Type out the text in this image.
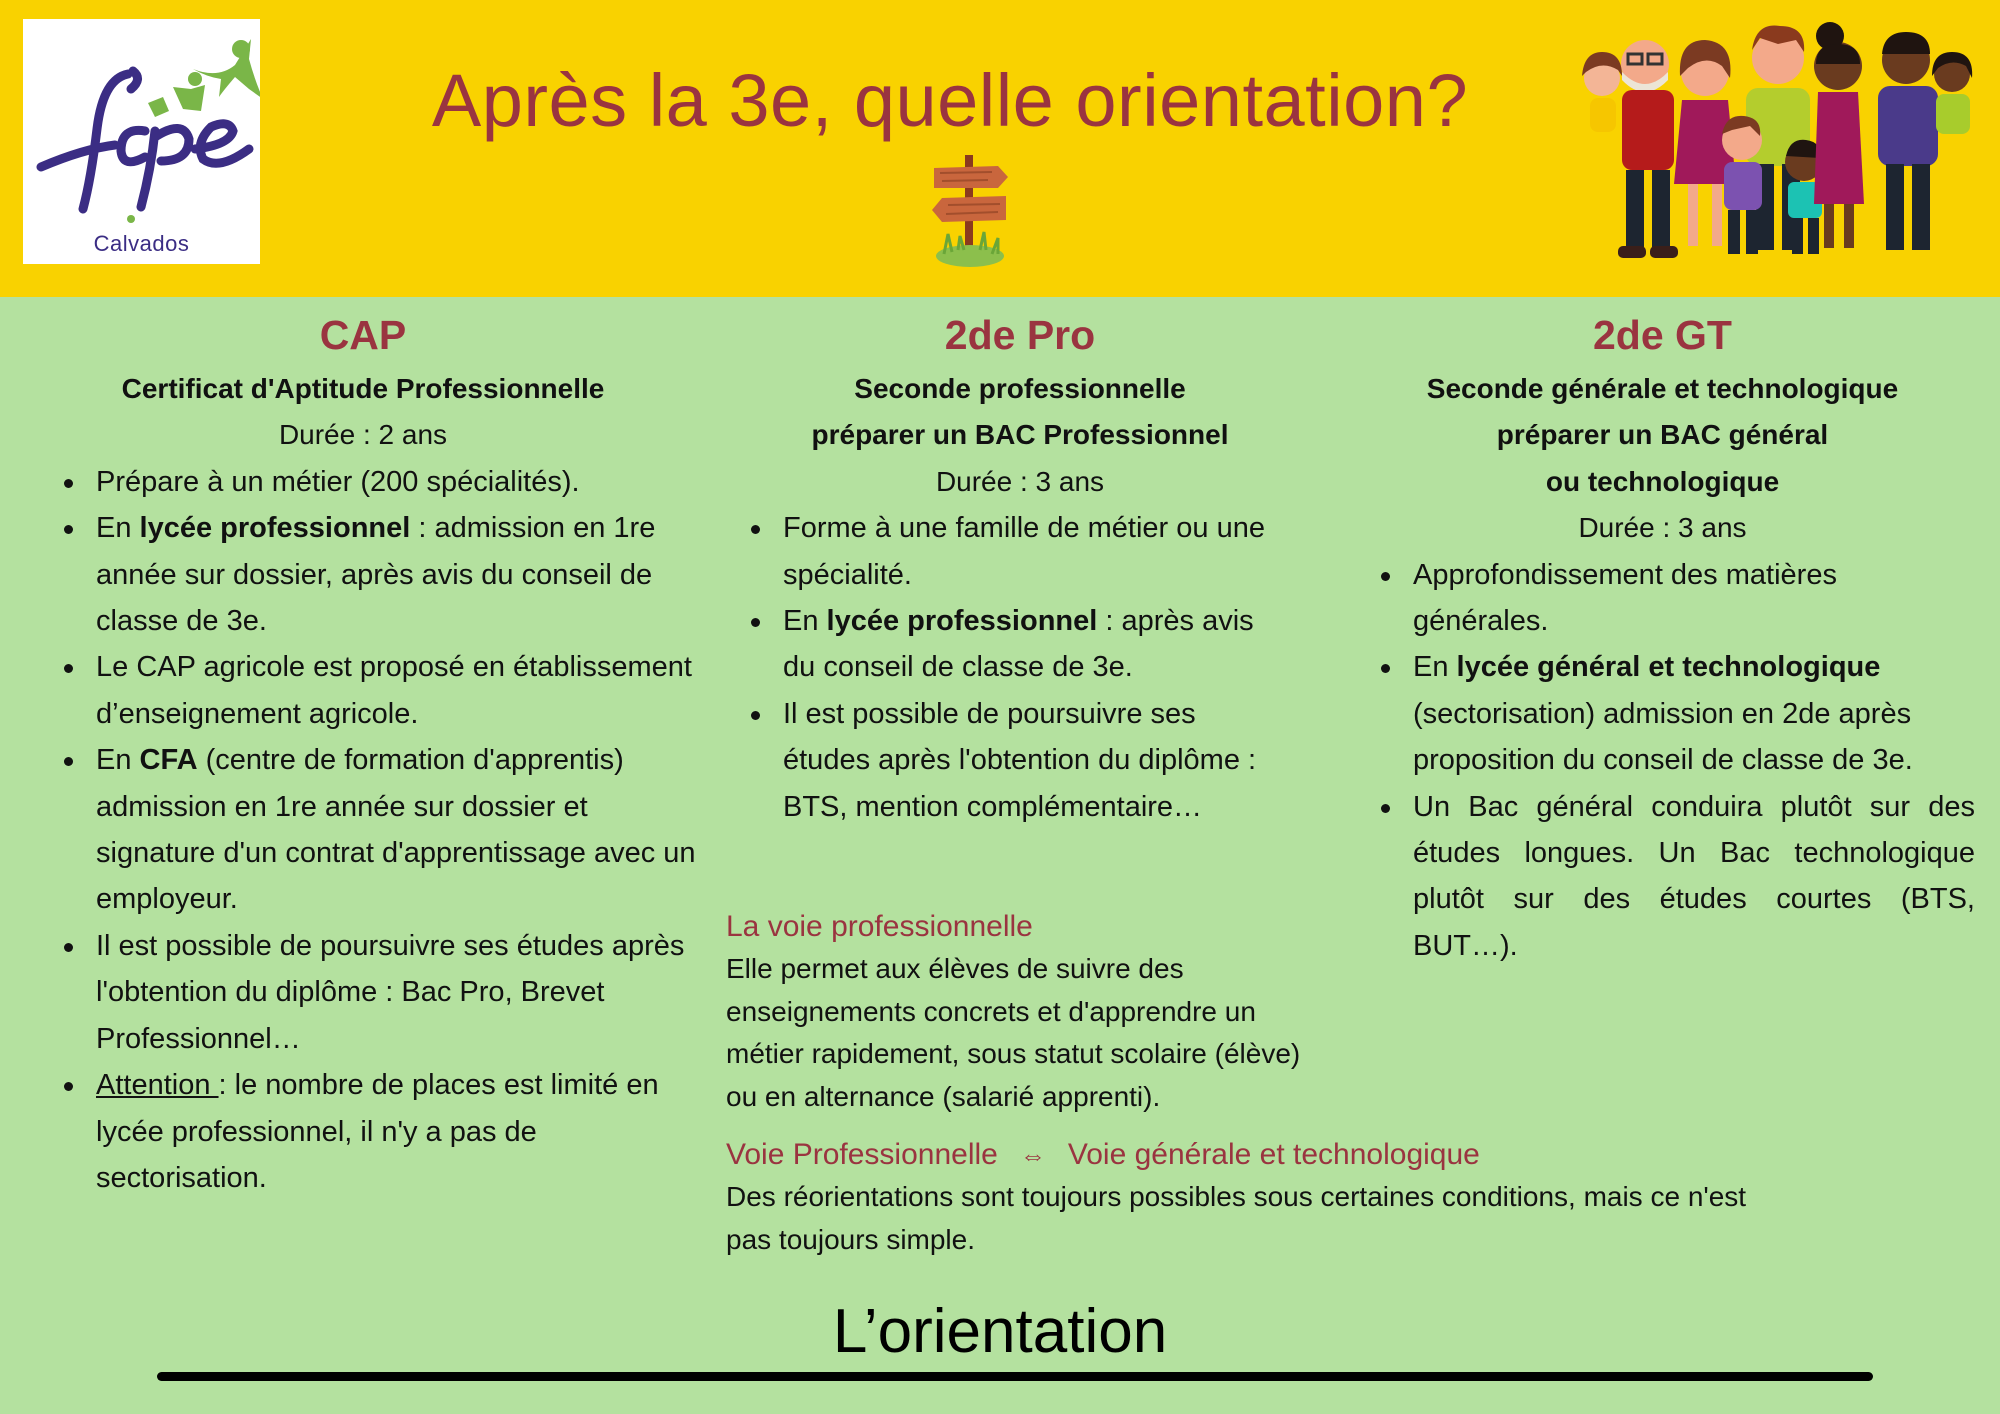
Calvados
Après la 3e, quelle orientation?
CAP
Certificat d'Aptitude Professionnelle
Durée : 2 ans
Prépare à un métier (200 spécialités).
En lycée professionnel : admission en 1re année sur dossier, après avis du conseil de classe de 3e.
Le CAP agricole est proposé en établissement d’enseignement agricole.
En CFA (centre de formation d'apprentis) admission en 1re année sur dossier et signature d'un contrat d'apprentissage avec un employeur.
Il est possible de poursuivre ses études après l'obtention du diplôme : Bac Pro, Brevet Professionnel…
Attention : le nombre de places est limité en lycée professionnel, il n'y a pas de sectorisation.
2de Pro
Seconde professionnelle
préparer un BAC Professionnel
Durée : 3 ans
Forme à une famille de métier ou une spécialité.
En lycée professionnel : après avis du conseil de classe de 3e.
Il est possible de poursuivre ses études après l'obtention du diplôme : BTS, mention complémentaire…
2de GT
Seconde générale et technologique
préparer un BAC général
ou technologique
Durée : 3 ans
Approfondissement des matières générales.
En lycée général et technologique (sectorisation) admission en 2de après proposition du conseil de classe de 3e.
Un Bac général conduira plutôt sur des études longues. Un Bac technologique plutôt sur des études courtes (BTS, BUT…).
La voie professionnelle
Elle permet aux élèves de suivre des
enseignements concrets et d'apprendre un
métier rapidement, sous statut scolaire (élève)
ou en alternance (salarié apprenti).
Voie Professionnelle ⇔ Voie générale et technologique
Des réorientations sont toujours possibles sous certaines conditions, mais ce n'est
pas toujours simple.
L’orientation
